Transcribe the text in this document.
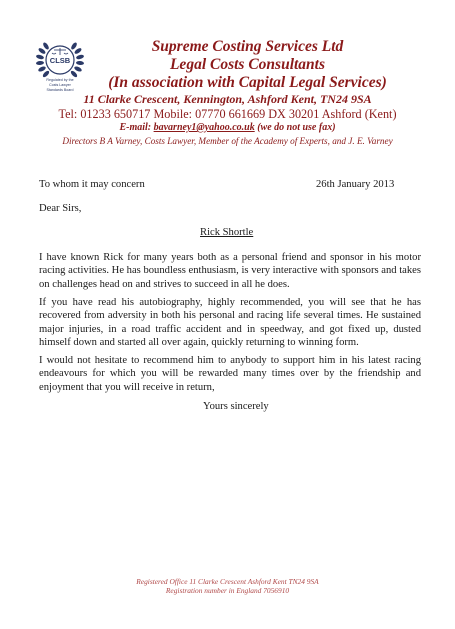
CLSB
Regulated by the
Costs Lawyer
Standards Board
Supreme Costing Services Ltd
Legal Costs Consultants
(In association with Capital Legal Services)
11 Clarke Crescent, Kennington, Ashford Kent, TN24 9SA
Tel: 01233 650717 Mobile: 07770 661669 DX 30201 Ashford (Kent)
E-mail: bavarney1@yahoo.co.uk (we do not use fax)
Directors B A Varney, Costs Lawyer, Member of the Academy of Experts, and J. E. Varney
To whom it may concern	26th January 2013
Dear Sirs,
Rick Shortle
I have known Rick for many years both as a personal friend and sponsor in his motor racing activities. He has boundless enthusiasm, is very interactive with sponsors and takes on challenges head on and strives to succeed in all he does.
If you have read his autobiography, highly recommended, you will see that he has recovered from adversity in both his personal and racing life several times. He sustained major injuries, in a road traffic accident and in speedway, and got fixed up, dusted himself down and started all over again, quickly returning to winning form.
I would not hesitate to recommend him to anybody to support him in his latest racing endeavours for which you will be rewarded many times over by the friendship and enjoyment that you will receive in return,
Yours sincerely
Registered Office 11 Clarke Crescent Ashford Kent TN24 9SA
Registration number in England 7056910
